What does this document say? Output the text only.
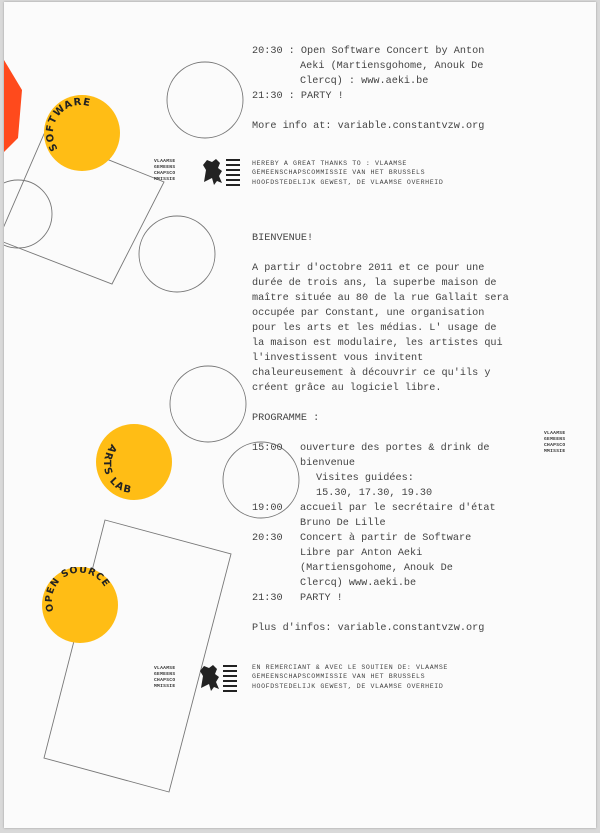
SOFTWARE
ARTS LAB
OPEN SOURCE
20:30 : Open Software Concert by Anton
Aeki (Martiensgohome, Anouk De
Clercq) : www.aeki.be
21:30 : PARTY !
More info at: variable.constantvzw.org
VLAAMSE
GEMEENS
CHAPSCO
MMISSIE
HEREBY A GREAT THANKS TO : VLAAMSE
GEMEENSCHAPSCOMMISSIE VAN HET BRUSSELS
HOOFDSTEDELIJK GEWEST, DE VLAAMSE OVERHEID
BIENVENUE!
A partir d'octobre 2011 et ce pour une
durée de trois ans, la superbe maison de
maître située au 80 de la rue Gallait sera
occupée par Constant, une organisation
pour les arts et les médias. L' usage de
la maison est modulaire, les artistes qui
l'investissent vous invitent
chaleureusement à découvrir ce qu'ils y
créent grâce au logiciel libre.
PROGRAMME :
15:00 ouverture des portes & drink de
bienvenue
Visites guidées:
15.30, 17.30, 19.30
19:00 accueil par le secrétaire d'état
Bruno De Lille
20:30 Concert à partir de Software
Libre par Anton Aeki
(Martiensgohome, Anouk De
Clercq) www.aeki.be
21:30 PARTY !
Plus d'infos: variable.constantvzw.org
VLAAMSE
GEMEENS
CHAPSCO
MMISSIE
VLAAMSE
GEMEENS
CHAPSCO
MMISSIE
EN REMERCIANT & AVEC LE SOUTIEN DE: VLAAMSE
GEMEENSCHAPSCOMMISSIE VAN HET BRUSSELS
HOOFDSTEDELIJK GEWEST, DE VLAAMSE OVERHEID
